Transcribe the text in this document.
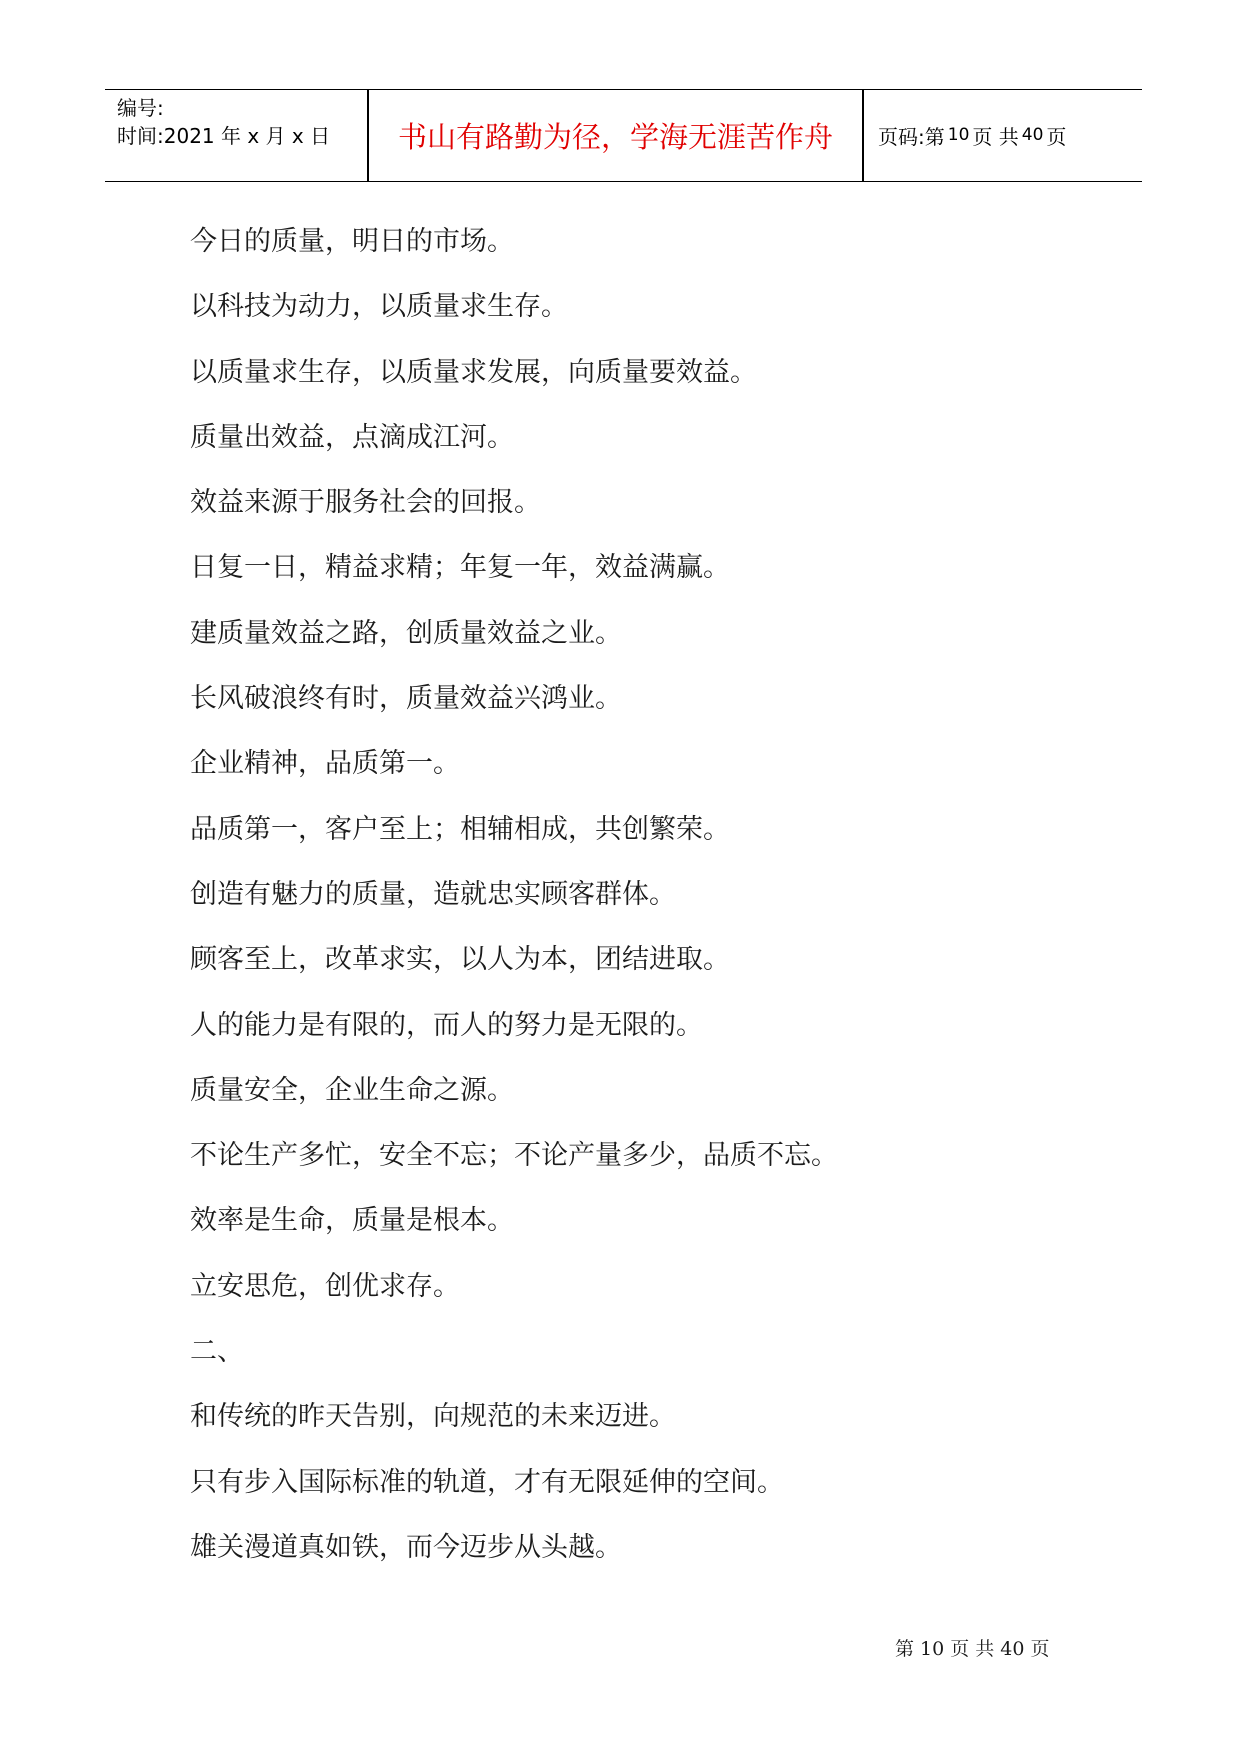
编号:
时间:2021 年 x 月 x 日	书山有路勤为径，学海无涯苦作舟	页码: 第 10 页 共 40 页
今日的质量，明日的市场。
以科技为动力，以质量求生存。
以质量求生存，以质量求发展，向质量要效益。
质量出效益，点滴成江河。
效益来源于服务社会的回报。
日复一日，精益求精；年复一年，效益满赢。
建质量效益之路，创质量效益之业。
长风破浪终有时，质量效益兴鸿业。
企业精神，品质第一。
品质第一，客户至上；相辅相成，共创繁荣。
创造有魅力的质量，造就忠实顾客群体。
顾客至上，改革求实，以人为本，团结进取。
人的能力是有限的，而人的努力是无限的。
质量安全，企业生命之源。
不论生产多忙，安全不忘；不论产量多少，品质不忘。
效率是生命，质量是根本。
立安思危，创优求存。
二、
和传统的昨天告别，向规范的未来迈进。
只有步入国际标准的轨道，才有无限延伸的空间。
雄关漫道真如铁，而今迈步从头越。
第 10 页 共 40 页
